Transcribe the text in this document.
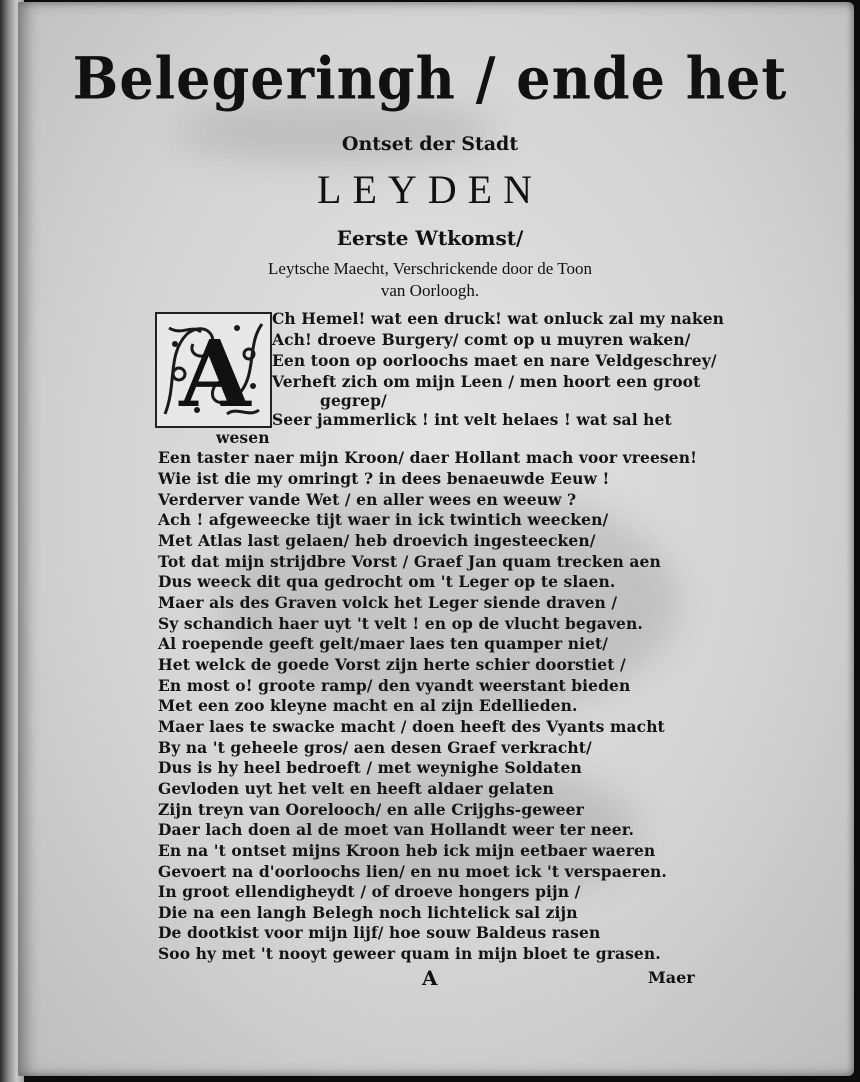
Belegeringh / ende het
Ontset der Stadt
LEYDEN
Eerste Wtkomst/
Leytsche Maecht, Verschrickende door de Toon
van Oorloogh.
A
Ch Hemel! wat een druck! wat onluck zal my naken
Ach! droeve Burgery/ comt op u muyren waken/
Een toon op oorloochs maet en nare Veldgeschrey/
Verheft zich om mijn Leen / men hoort een groot
gegrep/
Seer jammerlick ! int velt helaes ! wat sal het
wesen
Een taster naer mijn Kroon/ daer Hollant mach voor vreesen!
Wie ist die my omringt ? in dees benaeuwde Eeuw !
Verderver vande Wet / en aller wees en weeuw ?
Ach ! afgeweecke tijt waer in ick twintich weecken/
Met Atlas last gelaen/ heb droevich ingesteecken/
Tot dat mijn strijdbre Vorst / Graef Jan quam trecken aen
Dus weeck dit qua gedrocht om 't Leger op te slaen.
Maer als des Graven volck het Leger siende draven /
Sy schandich haer uyt 't velt ! en op de vlucht begaven.
Al roepende geeft gelt/maer laes ten quamper niet/
Het welck de goede Vorst zijn herte schier doorstiet /
En most o! groote ramp/ den vyandt weerstant bieden
Met een zoo kleyne macht en al zijn Edellieden.
Maer laes te swacke macht / doen heeft des Vyants macht
By na 't geheele gros/ aen desen Graef verkracht/
Dus is hy heel bedroeft / met weynighe Soldaten
Gevloden uyt het velt en heeft aldaer gelaten
Zijn treyn van Oorelooch/ en alle Crijghs-geweer
Daer lach doen al de moet van Hollandt weer ter neer.
En na 't ontset mijns Kroon heb ick mijn eetbaer waeren
Gevoert na d'oorloochs lien/ en nu moet ick 't verspaeren.
In groot ellendigheydt / of droeve hongers pijn /
Die na een langh Belegh noch lichtelick sal zijn
De dootkist voor mijn lijf/ hoe souw Baldeus rasen
Soo hy met 't nooyt geweer quam in mijn bloet te grasen.
A	Maer
